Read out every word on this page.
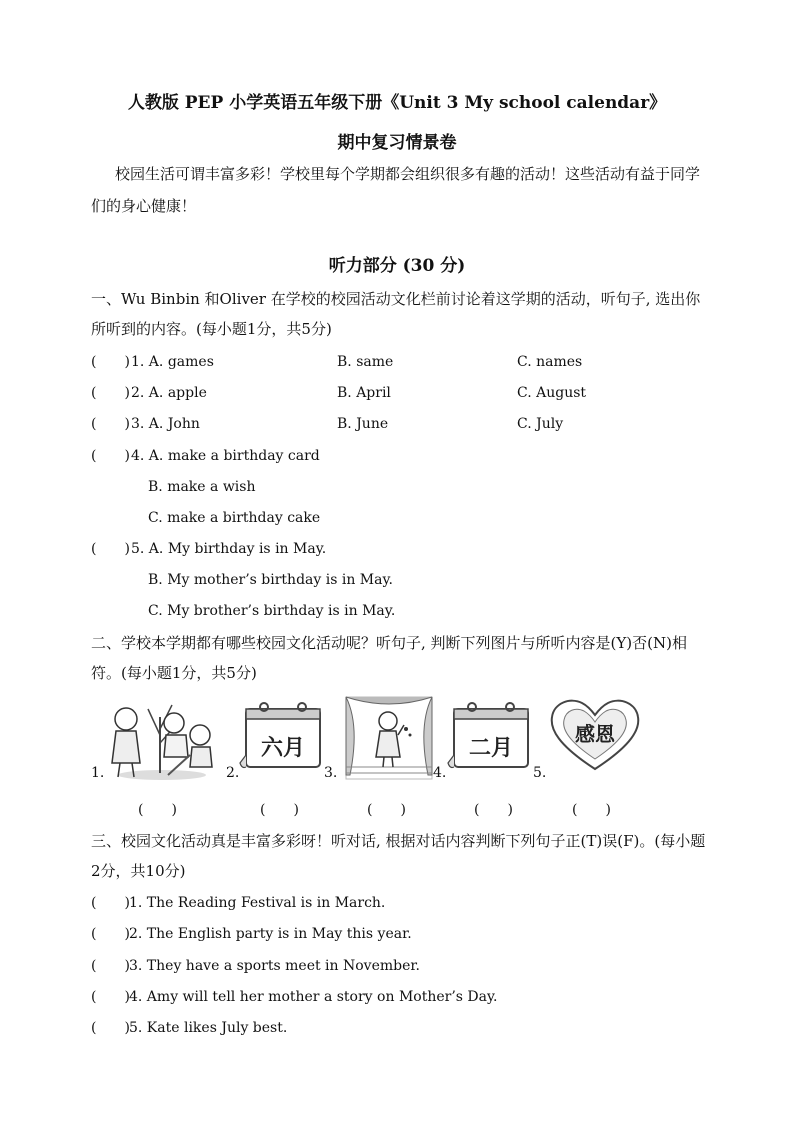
人教版 PEP 小学英语五年级下册《Unit 3 My school calendar》
期中复习情景卷
校园生活可谓丰富多彩！学校里每个学期都会组织很多有趣的活动！这些活动有益于同学们的身心健康！
听力部分 (30 分)
一、Wu Binbin 和Oliver 在学校的校园活动文化栏前讨论着这学期的活动，听句子, 选出你所听到的内容。(每小题1分，共5分)
(　　) 1. A. games	B. same	C. names
(　　) 2. A. apple	B. April	C. August
(　　) 3. A. John	B. June	C. July
(　　) 4. A. make a birthday card
B. make a wish
C. make a birthday cake
(　　) 5. A. My birthday is in May.
B. My mother’s birthday is in May.
C. My brother’s birthday is in May.
二、学校本学期都有哪些校园文化活动呢？听句子, 判断下列图片与所听内容是(Y)否(N)相符。(每小题1分，共5分)
1.	2.
六月
3.	4.
二月
5.
感恩
(　　)	(　　)	(　　)	(　　)	(　　)
三、校园文化活动真是丰富多彩呀！听对话, 根据对话内容判断下列句子正(T)误(F)。(每小题2分，共10分)
(　　) 1. The Reading Festival is in March.
(　　) 2. The English party is in May this year.
(　　) 3. They have a sports meet in November.
(　　) 4. Amy will tell her mother a story on Mother’s Day.
(　　) 5. Kate likes July best.
